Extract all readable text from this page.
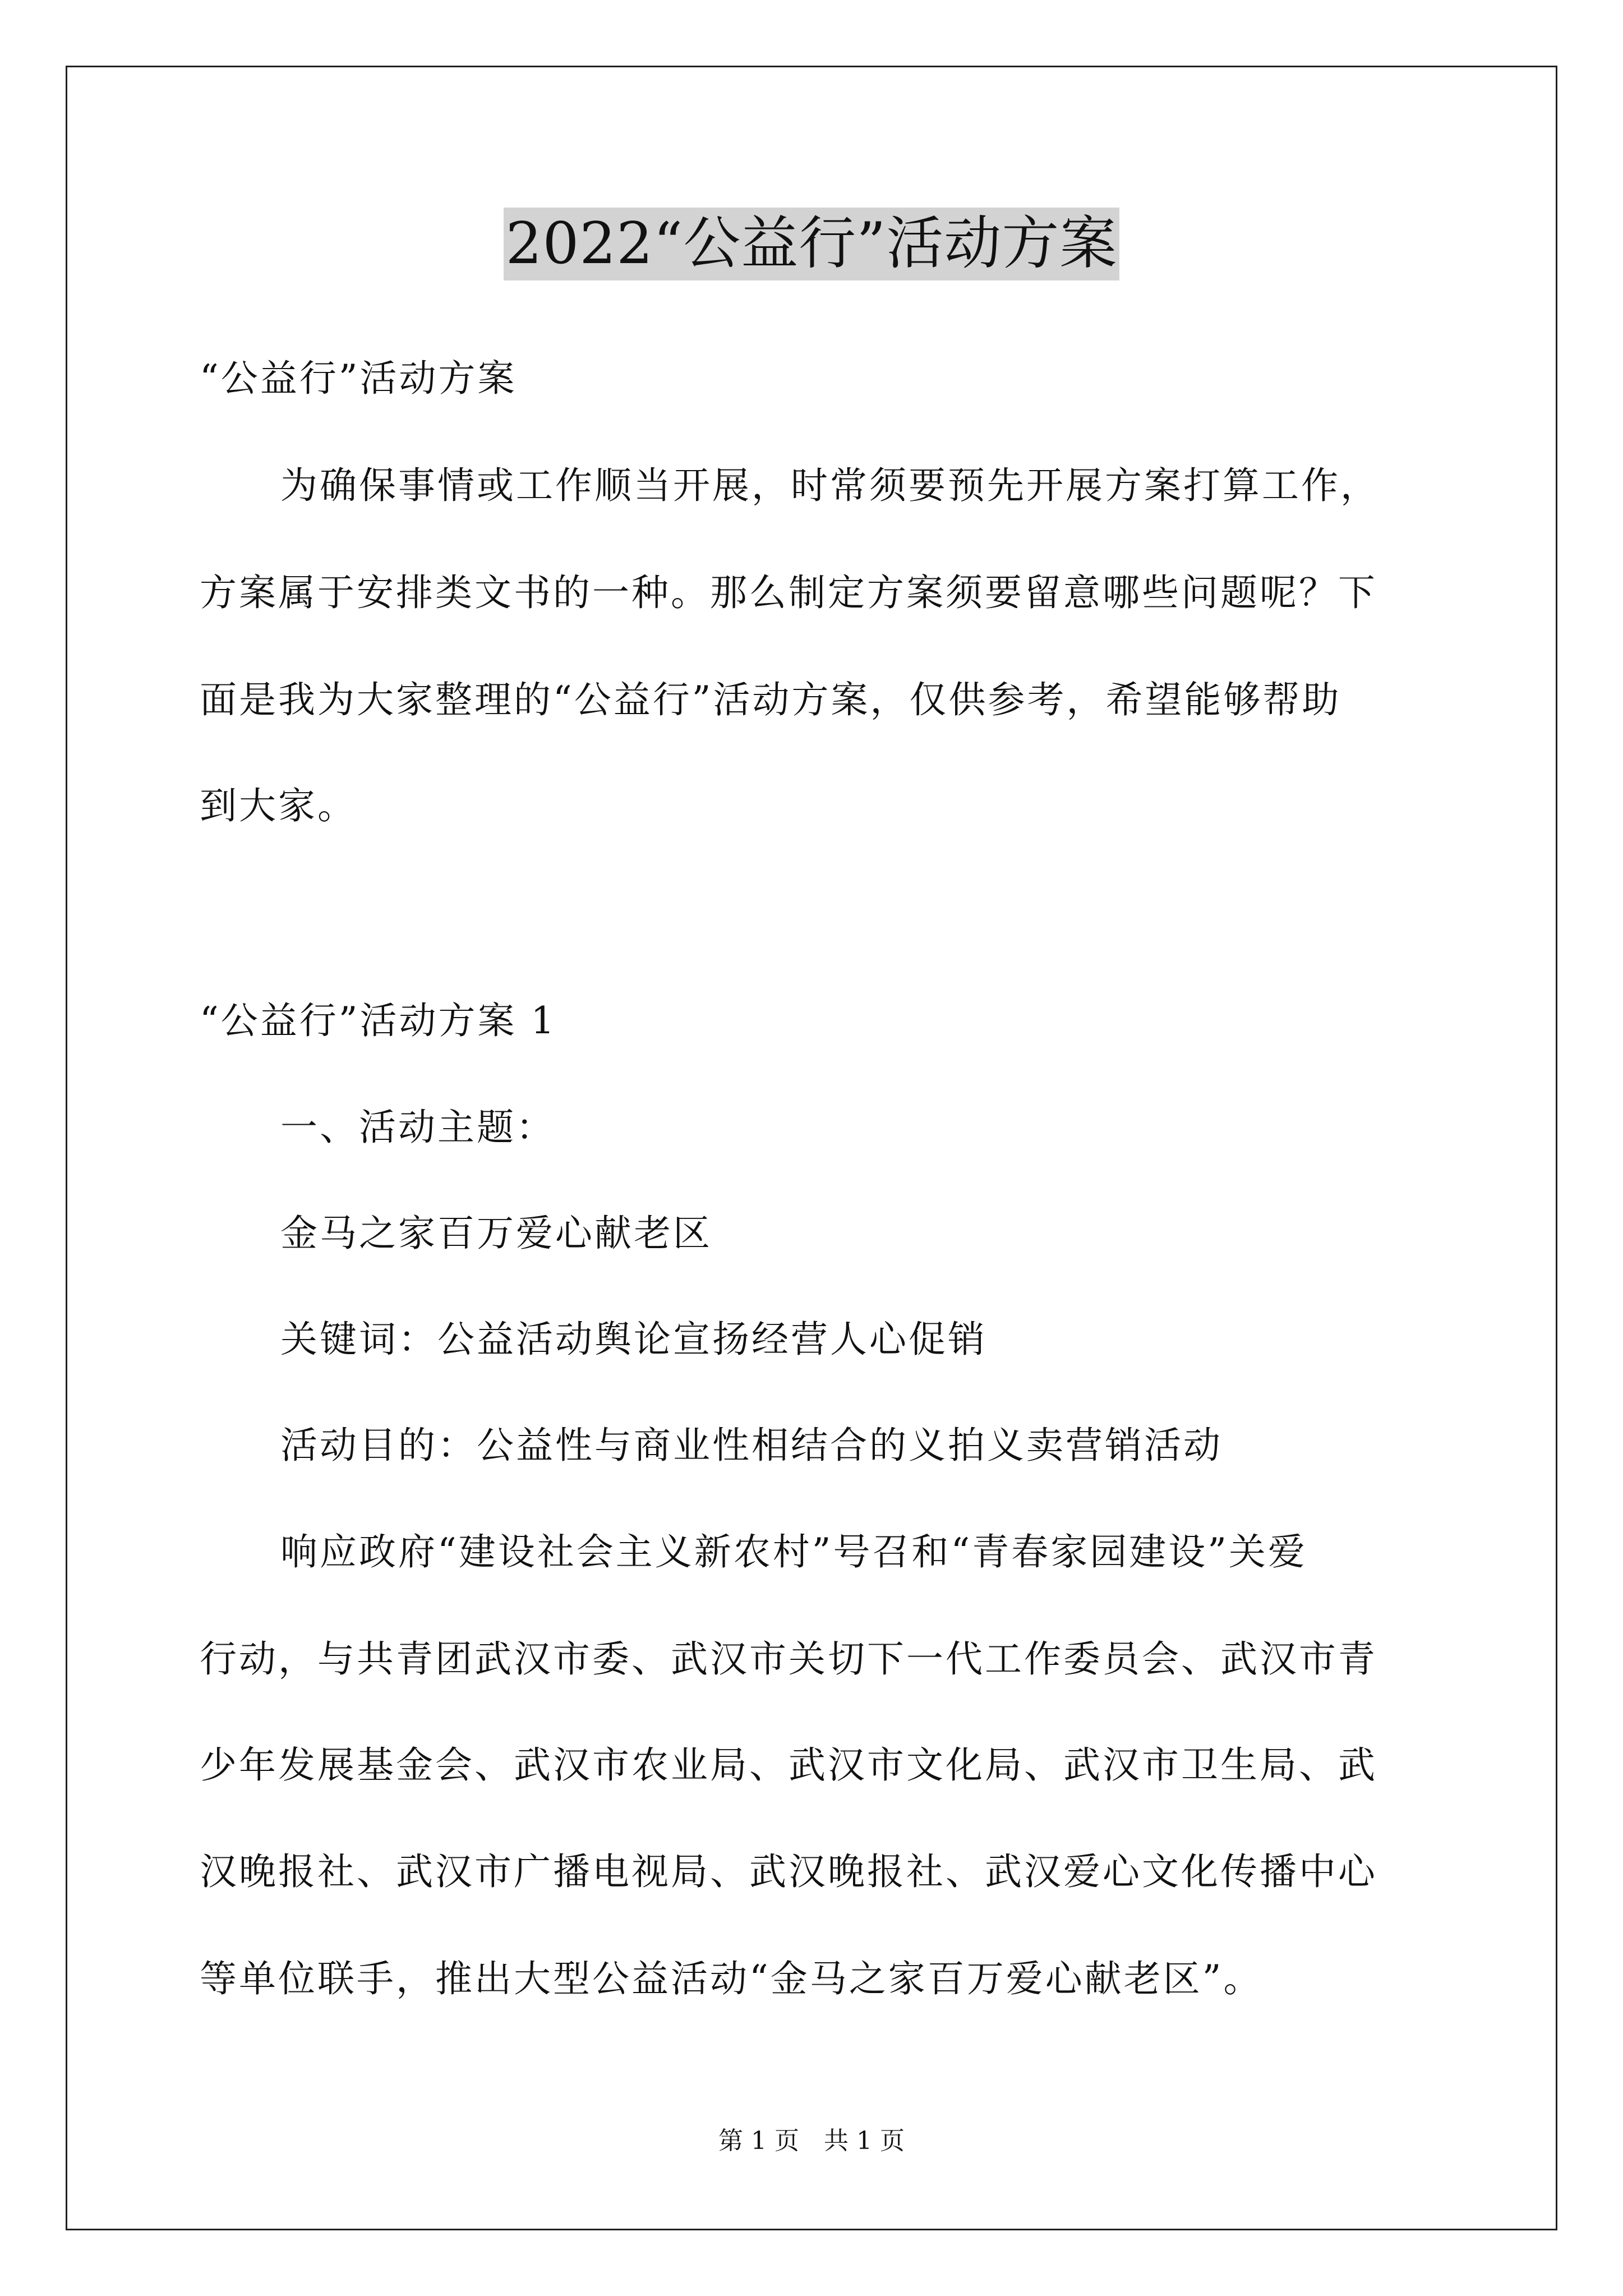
2022“公益行”活动方案
“公益行”活动方案
为确保事情或工作顺当开展，时常须要预先开展方案打算工作，
方案属于安排类文书的一种。那么制定方案须要留意哪些问题呢？下
面是我为大家整理的“公益行”活动方案，仅供参考，希望能够帮助
到大家。
“公益行”活动方案 1
一、活动主题：
金马之家百万爱心献老区
关键词：公益活动舆论宣扬经营人心促销
活动目的：公益性与商业性相结合的义拍义卖营销活动
响应政府“建设社会主义新农村”号召和“青春家园建设”关爱
行动，与共青团武汉市委、武汉市关切下一代工作委员会、武汉市青
少年发展基金会、武汉市农业局、武汉市文化局、武汉市卫生局、武
汉晚报社、武汉市广播电视局、武汉晚报社、武汉爱心文化传播中心
等单位联手，推出大型公益活动“金马之家百万爱心献老区”。
第 1 页　共 1 页
